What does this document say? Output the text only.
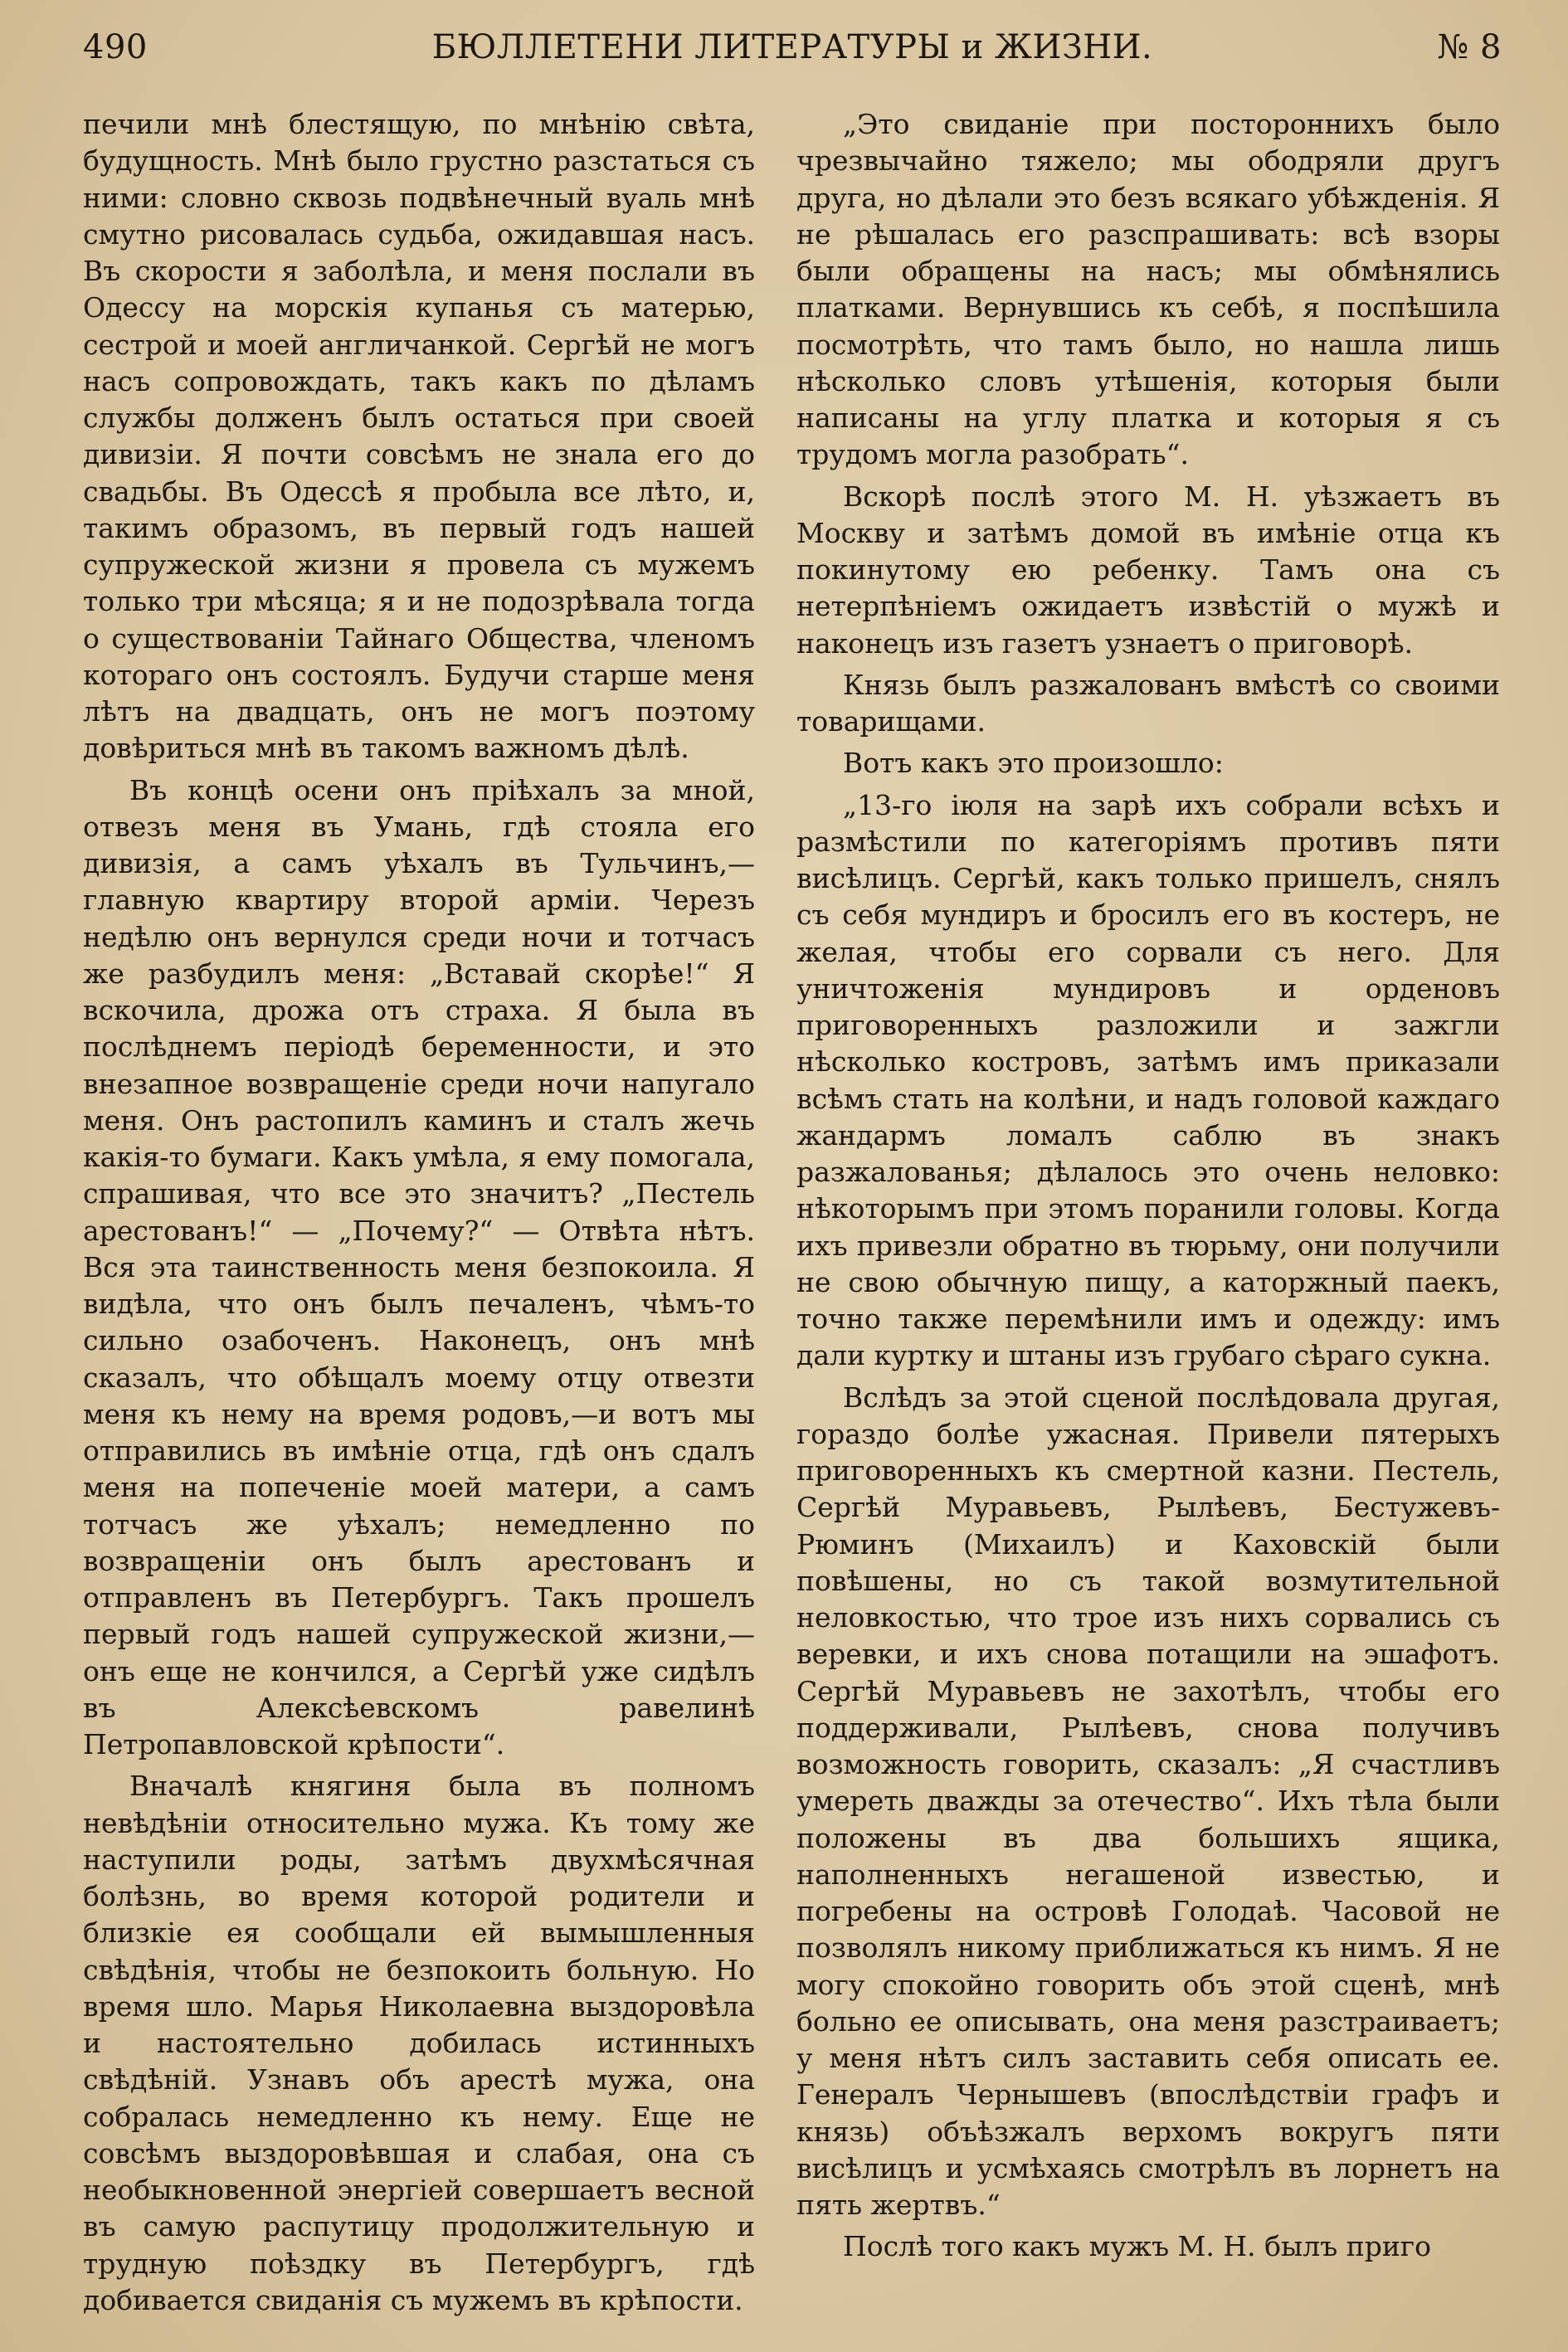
БЮЛЛЕТЕНИ ЛИТЕРАТУРЫ и ЖИЗНИ.
490	№ 8

печили мнѣ блестящую, по мнѣнію свѣта, будущность. Мнѣ было грустно разстаться съ ними: словно сквозь подвѣнечный вуаль мнѣ смутно рисовалась судьба, ожидавшая насъ. Въ скорости я заболѣла, и меня послали въ Одессу на морскія купанья съ матерью, сестрой и моей англичанкой. Сергѣй не могъ насъ сопровождать, такъ какъ по дѣламъ службы долженъ былъ остаться при своей дивизіи. Я почти совсѣмъ не знала его до свадьбы. Въ Одессѣ я пробыла все лѣто, и, такимъ образомъ, въ первый годъ нашей супружеской жизни я провела съ мужемъ только три мѣсяца; я и не подозрѣвала тогда о существованіи Тайнаго Общества, членомъ котораго онъ состоялъ. Будучи старше меня лѣтъ на двадцать, онъ не могъ поэтому довѣриться мнѣ въ такомъ важномъ дѣлѣ.

Въ концѣ осени онъ пріѣхалъ за мной, отвезъ меня въ Умань, гдѣ стояла его дивизія, а самъ уѣхалъ въ Тульчинъ,—главную квартиру второй арміи. Черезъ недѣлю онъ вернулся среди ночи и тотчасъ же разбудилъ меня: „Вставай скорѣе!“ Я вскочила, дрожа отъ страха. Я была въ послѣднемъ періодѣ беременности, и это внезапное возвращеніе среди ночи напугало меня. Онъ растопилъ каминъ и сталъ жечь какія-то бумаги. Какъ умѣла, я ему помогала, спрашивая, что все это значитъ? „Пестель арестованъ!“ — „Почему?“ — Отвѣта нѣтъ. Вся эта таинственность меня безпокоила. Я видѣла, что онъ былъ печаленъ, чѣмъ-то сильно озабоченъ. Наконецъ, онъ мнѣ сказалъ, что обѣщалъ моему отцу отвезти меня къ нему на время родовъ,—и вотъ мы отправились въ имѣніе отца, гдѣ онъ сдалъ меня на попеченіе моей матери, а самъ тотчасъ же уѣхалъ; немедленно по возвращеніи онъ былъ арестованъ и отправленъ въ Петербургъ. Такъ прошелъ первый годъ нашей супружеской жизни,—онъ еще не кончился, а Сергѣй уже сидѣлъ въ Алексѣевскомъ равелинѣ Петропавловской крѣпости“.

Вначалѣ княгиня была въ полномъ невѣдѣніи относительно мужа. Къ тому же наступили роды, затѣмъ двухмѣсячная болѣзнь, во время которой родители и близкіе ея сообщали ей вымышленныя свѣдѣнія, чтобы не безпокоить больную. Но время шло. Марья Николаевна выздоровѣла и настоятельно добилась истинныхъ свѣдѣній. Узнавъ объ арестѣ мужа, она собралась немедленно къ нему. Еще не совсѣмъ выздоровѣвшая и слабая, она съ необыкновенной энергіей совершаетъ весной въ самую распутицу продолжительную и трудную поѣздку въ Петербургъ, гдѣ добивается свиданія съ мужемъ въ крѣпости.

„Это свиданіе при постороннихъ было чрезвычайно тяжело; мы ободряли другъ друга, но дѣлали это безъ всякаго убѣжденія. Я не рѣшалась его разспрашивать: всѣ взоры были обращены на насъ; мы обмѣнялись платками. Вернувшись къ себѣ, я поспѣшила посмотрѣть, что тамъ было, но нашла лишь нѣсколько словъ утѣшенія, которыя были написаны на углу платка и которыя я съ трудомъ могла разобрать“.

Вскорѣ послѣ этого М. Н. уѣзжаетъ въ Москву и затѣмъ домой въ имѣніе отца къ покинутому ею ребенку. Тамъ она съ нетерпѣніемъ ожидаетъ извѣстій о мужѣ и наконецъ изъ газетъ узнаетъ о приговорѣ.

Князь былъ разжалованъ вмѣстѣ со своими товарищами.

Вотъ какъ это произошло:

„13-го іюля на зарѣ ихъ собрали всѣхъ и размѣстили по категоріямъ противъ пяти висѣлицъ. Сергѣй, какъ только пришелъ, снялъ съ себя мундиръ и бросилъ его въ костеръ, не желая, чтобы его сорвали съ него. Для уничтоженія мундировъ и орденовъ приговоренныхъ разложили и зажгли нѣсколько костровъ, затѣмъ имъ приказали всѣмъ стать на колѣни, и надъ головой каждаго жандармъ ломалъ саблю въ знакъ разжалованья; дѣлалось это очень неловко: нѣкоторымъ при этомъ поранили головы. Когда ихъ привезли обратно въ тюрьму, они получили не свою обычную пищу, а каторжный паекъ, точно также перемѣнили имъ и одежду: имъ дали куртку и штаны изъ грубаго сѣраго сукна.

Вслѣдъ за этой сценой послѣдовала другая, гораздо болѣе ужасная. Привели пятерыхъ приговоренныхъ къ смертной казни. Пестель, Сергѣй Муравьевъ, Рылѣевъ, Бестужевъ-Рюминъ (Михаилъ) и Каховскій были повѣшены, но съ такой возмутительной неловкостью, что трое изъ нихъ сорвались съ веревки, и ихъ снова потащили на эшафотъ. Сергѣй Муравьевъ не захотѣлъ, чтобы его поддерживали, Рылѣевъ, снова получивъ возможность говорить, сказалъ: „Я счастливъ умереть дважды за отечество“. Ихъ тѣла были положены въ два большихъ ящика, наполненныхъ негашеной известью, и погребены на островѣ Голодаѣ. Часовой не позволялъ никому приближаться къ нимъ. Я не могу спокойно говорить объ этой сценѣ, мнѣ больно ее описывать, она меня разстраиваетъ; у меня нѣтъ силъ заставить себя описать ее. Генералъ Чернышевъ (впослѣдствіи графъ и князь) объѣзжалъ верхомъ вокругъ пяти висѣлицъ и усмѣхаясь смотрѣлъ въ лорнетъ на пять жертвъ.“

Послѣ того какъ мужъ М. Н. былъ приго
